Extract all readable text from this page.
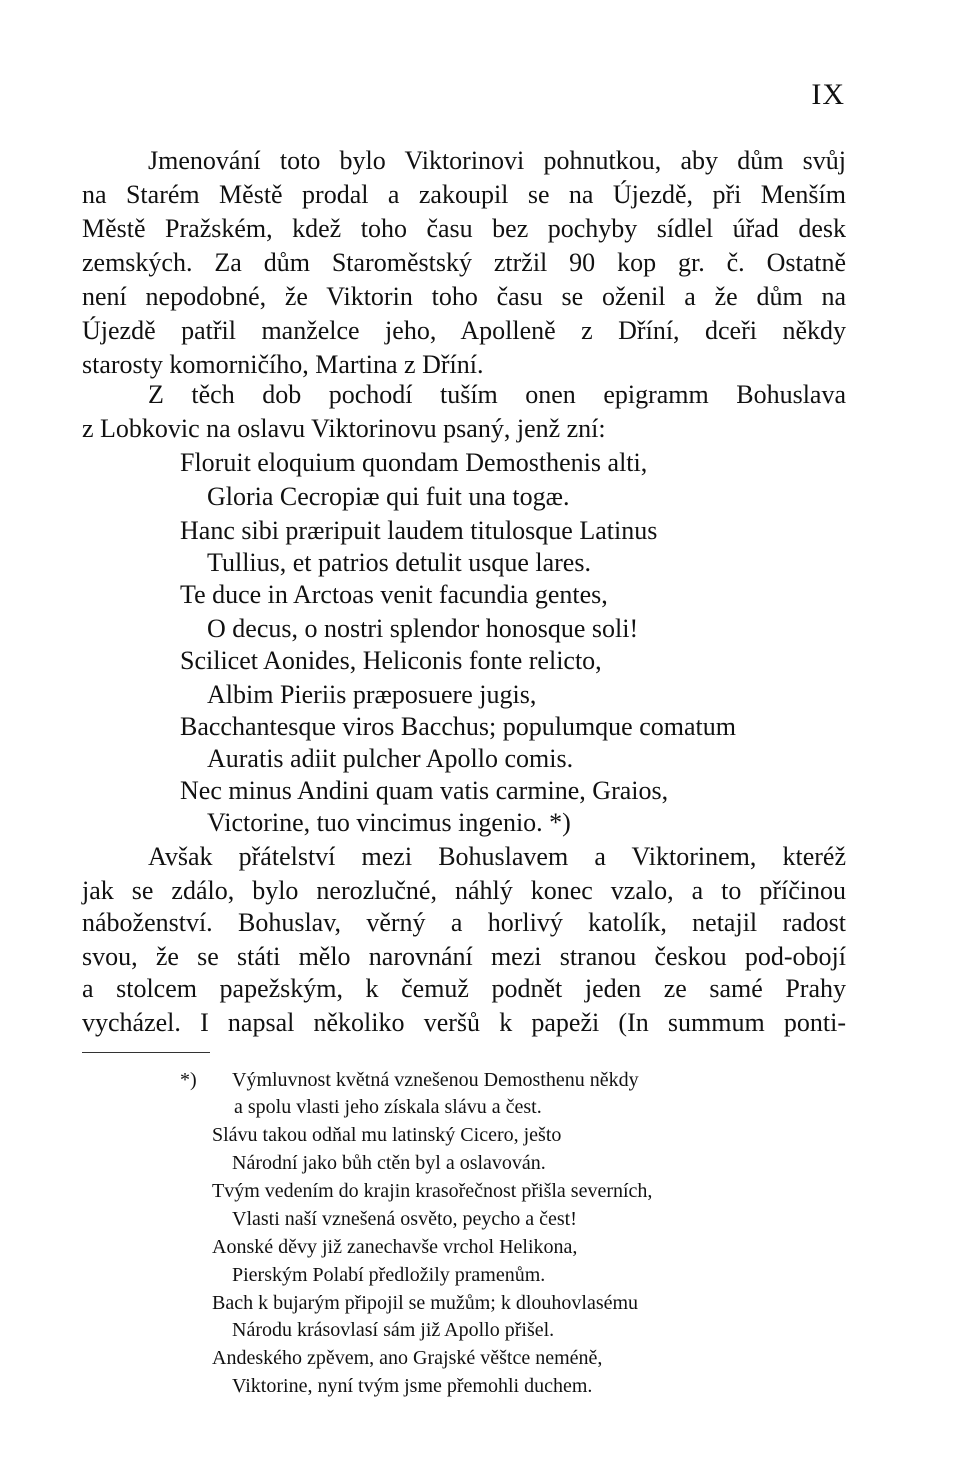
IX
Jmenování toto bylo Viktorinovi pohnutkou, aby dům svůj
na Starém Městě prodal a zakoupil se na Újezdě, při Menším
Městě Pražském, kdež toho času bez pochyby sídlel úřad desk
zemských. Za dům Staroměstský ztržil 90 kop gr. č. Ostatně
není nepodobné, že Viktorin toho času se oženil a že dům na
Újezdě patřil manželce jeho, Apolleně z Dříní, dceři někdy
starosty komorničího, Martina z Dříní.
Z těch dob pochodí tuším onen epigramm Bohuslava
z Lobkovic na oslavu Viktorinovu psaný, jenž zní:
Floruit eloquium quondam Demosthenis alti,
Gloria Cecropiæ qui fuit una togæ.
Hanc sibi præripuit laudem titulosque Latinus
Tullius, et patrios detulit usque lares.
Te duce in Arctoas venit facundia gentes,
O decus, o nostri splendor honosque soli!
Scilicet Aonides, Heliconis fonte relicto,
Albim Pieriis præposuere jugis,
Bacchantesque viros Bacchus; populumque comatum
Auratis adiit pulcher Apollo comis.
Nec minus Andini quam vatis carmine, Graios,
Victorine, tuo vincimus ingenio. *)
Avšak přátelství mezi Bohuslavem a Viktorinem, kteréž
jak se zdálo, bylo nerozlučné, náhlý konec vzalo, a to příčinou
náboženství. Bohuslav, věrný a horlivý katolík, netajil radost
svou, že se státi mělo narovnání mezi stranou českou pod-obojí
a stolcem papežským, k čemuž podnět jeden ze samé Prahy
vycházel. I napsal několiko veršů k papeži (In summum ponti-
*) Výmluvnost květná vznešenou Demosthenu někdy
a spolu vlasti jeho získala slávu a čest.
Slávu takou odňal mu latinský Cicero, ješto
Národní jako bůh ctěn byl a oslavován.
Tvým vedením do krajin krasořečnost přišla severních,
Vlasti naší vznešená osvěto, peycho a čest!
Aonské děvy již zanechavše vrchol Helikona,
Pierským Polabí předložily pramenům.
Bach k bujarým připojil se mužům; k dlouhovlasému
Národu krásovlasí sám již Apollo přišel.
Andeského zpěvem, ano Grajské věštce neméně,
Viktorine, nyní tvým jsme přemohli duchem.
